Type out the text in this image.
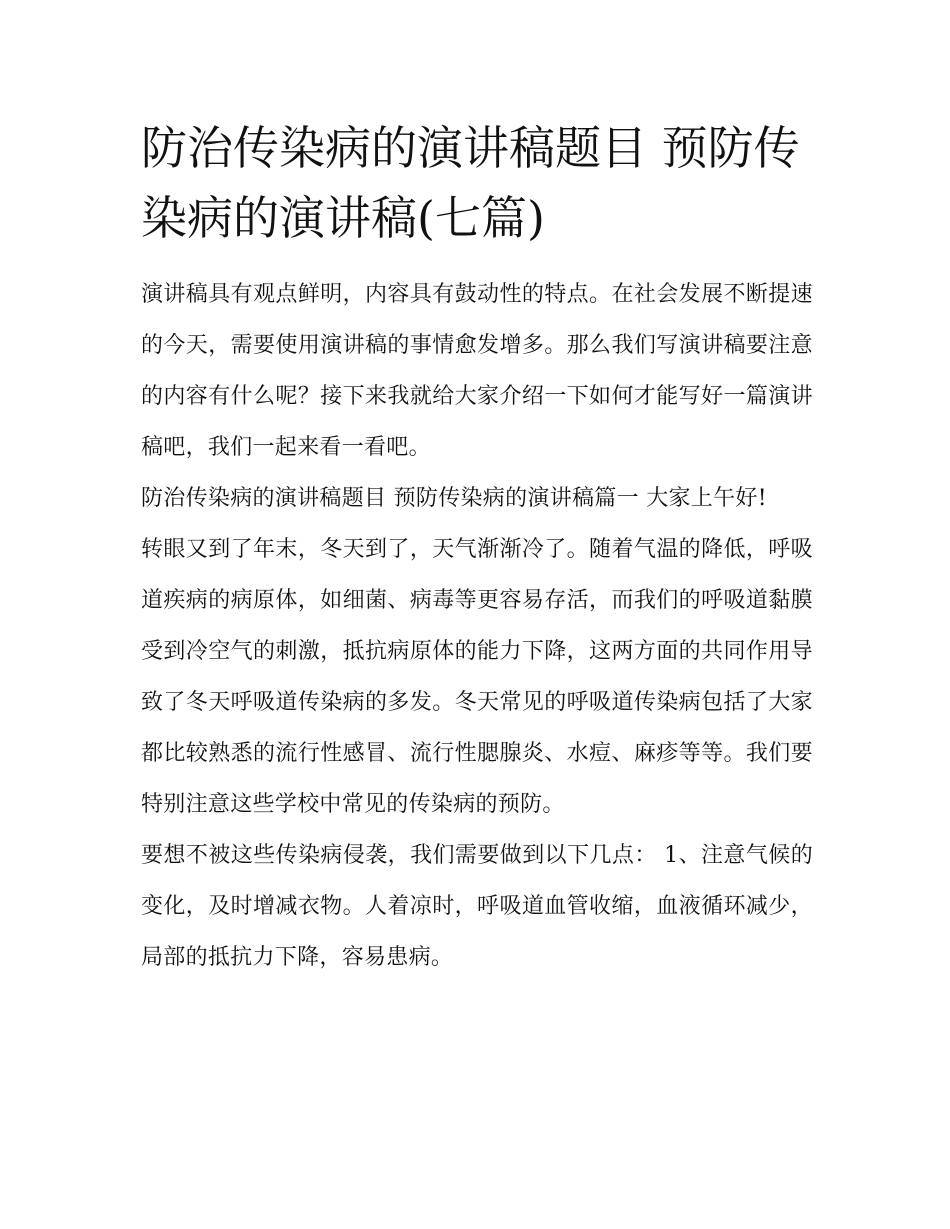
防治传染病的演讲稿题目 预防传染病的演讲稿(七篇)

演讲稿具有观点鲜明，内容具有鼓动性的特点。在社会发展不断提速的今天，需要使用演讲稿的事情愈发增多。那么我们写演讲稿要注意的内容有什么呢？接下来我就给大家介绍一下如何才能写好一篇演讲稿吧，我们一起来看一看吧。

防治传染病的演讲稿题目 预防传染病的演讲稿篇一 大家上午好!

转眼又到了年末，冬天到了，天气渐渐冷了。随着气温的降低，呼吸道疾病的病原体，如细菌、病毒等更容易存活，而我们的呼吸道黏膜受到冷空气的刺激，抵抗病原体的能力下降，这两方面的共同作用导致了冬天呼吸道传染病的多发。冬天常见的呼吸道传染病包括了大家都比较熟悉的流行性感冒、流行性腮腺炎、水痘、麻疹等等。我们要特别注意这些学校中常见的传染病的预防。

要想不被这些传染病侵袭，我们需要做到以下几点： 1、注意气候的变化，及时增减衣物。人着凉时，呼吸道血管收缩，血液循环减少，局部的抵抗力下降，容易患病。
